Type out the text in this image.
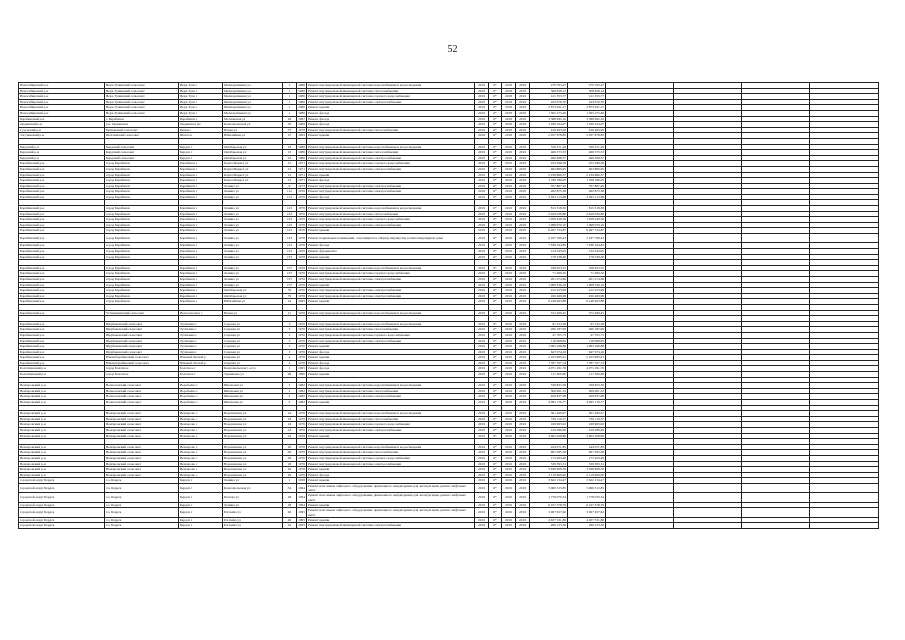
52
Новосибирский р-н	Верх-Тулинский сельсовет	Верх-Тула с	Мелиоративная ул	1	1986	Ремонт внутридомовой инженерной системы водоснабжения и водоотведения	2019	6*	2018	2019	270 763,47	270 763,47				
Новосибирский р-н	Верх-Тулинский сельсовет	Верх-Тула с	Мелиоративная ул	1	1986	Ремонт внутридомовой инженерной системы теплоснабжения	2019	6*	2018	2019	508 658,12	508 658,12				
Новосибирский р-н	Верх-Тулинский сельсовет	Верх-Тула с	Мелиоративная ул	1	1986	Ремонт внутридомовой инженерной системы горячего водоснабжения	2019	6*	2018	2019	121 353,77	121 353,77				
Новосибирский р-н	Верх-Тулинский сельсовет	Верх-Тула с	Мелиоративная ул	1	1986	Ремонт внутридомовой инженерной системы электроснабжения	2019	6*	2018	2019	243 076,76	243 076,76				
Новосибирский р-н	Верх-Тулинский сельсовет	Верх-Тула с	Мелиоративная ул	1	1986	Ремонт крыши	2019	6*	2018	2019	2 873 621,17	2 873 621,17				
Новосибирский р-н	Верх-Тулинский сельсовет	Верх-Тула с	Мелиоративная ул	1	1986	Ремонт фасада	2019	6*	2018	2019	1 595 275,46	1 595 275,46				
Барабинский р-н	г. Барабинск	Барабинск г	Московская ул	26	1987	Ремонт фасада	2019	6*	2018	2019	3 388 992,16	3 388 992,16				
Ордынский р-н	р.п. Ордынское	Ордынское рп	Комсомольская ул	76	1969	Ремонт фасада	2019	6*	2018	2019	1 036 344,07	1 036 344,07				
Сузунский р-н	Битковский сельсовет	Битки с	Новая ул	37	1978	Ремонт внутридомовой инженерной системы теплоснабжения	2019	6*	2018	2019	616 493,00	616 493,00				
Тогучинский р-н	Шахтинский сельсовет	Шахта п	Юбилейная ул	27	1993	Ремонт крыши	2019	6*	2018	2019	2 937 878,85	2 937 878,85				

Бердский р-н	Бердский сельсовет	Бердск г	Октябрьская ул	16	1986	Ремонт внутридомовой инженерной системы водоснабжения и водоотведения	2019	6*	2019	2019	339 371,29	339 371,29				
Бердский р-н	Бердский сельсовет	Бердск г	Октябрьская ул	16	1986	Ремонт внутридомовой инженерной системы теплоснабжения	2019	6*	2019	2019	466 573,53	466 573,53				
Бердский р-н	Бердский сельсовет	Бердск г	Октябрьская ул	16	1986	Ремонт внутридомовой инженерной системы электроснабжения	2019	6*	2019	2019	496 498,57	496 498,57				
Барабинский р-н	город Барабинск	Барабинск г	Карла Маркса ул	12	1971	Ремонт внутридомовой инженерной системы горячего водоснабжения	2019	6*	2019	2019	252 296,58	252 296,58				
Барабинский р-н	город Барабинск	Барабинск г	Карла Маркса ул	12	1971	Ремонт внутридомовой инженерной системы электроснабжения	2019	6*	2019	2019	463 860,95	463 860,95				
Барабинский р-н	город Барабинск	Барабинск г	Карла Маркса ул	12	1971	Ремонт крыши	2019	6*	2019	2019	2 239 866,37	2 239 866,37				
Барабинский р-н	город Барабинск	Барабинск г	Карла Маркса ул	12	1971	Ремонт фасада	2019	6*	2019	2019	1 798 186,05	1 798 186,05				
Барабинский р-н	город Барабинск	Барабинск г	Ленина ул	9	1973	Ремонт внутридомовой инженерной системы электроснабжения	2019	6*	2019	2019	357 867,49	357 867,49				
Барабинский р-н	город Барабинск	Барабинск г	Ленина ул	112	1976	Ремонт внутридомовой инженерной системы электроснабжения	2019	6*	2019	2019	262 875,38	262 875,38				
Барабинский р-н	город Барабинск	Барабинск г	Ленина ул	112	1976	Ремонт фасада	2019	6*	2019	2019	2 923 113,68	2 923 113,68				

Барабинский р-н	город Барабинск	Барабинск г	Ленина ул	123	1976	Ремонт внутридомовой инженерной системы водоснабжения и водоотведения	2019	6*	2019	2019	815 318,30	815 318,30				
Барабинский р-н	город Барабинск	Барабинск г	Ленина ул	123	1976	Ремонт внутридомовой инженерной системы теплоснабжения	2019	6*	2019	2019	2 426 036,80	2 426 036,80				
Барабинский р-н	город Барабинск	Барабинск г	Ленина ул	123	1976	Ремонт внутридомовой инженерной системы горячего водоснабжения	2019	6*	2019	2019	1 058 428,36	1 058 428,36				
Барабинский р-н	город Барабинск	Барабинск г	Ленина ул	123	1976	Ремонт внутридомовой инженерной системы электроснабжения	2019	6*	2019	2019	1 098 979,10	1 098 979,10				
Барабинский р-н	город Барабинск	Барабинск г	Ленина ул	123	1976	Ремонт крыши	2019	6*	2019	2019	6 497 724,87	6 497 724,87				
Барабинский р-н	город Барабинск	Барабинск г	Ленина ул	123	1976	Ремонт подвальных помещений, относящихся к общему имуществу в многоквартирном доме	2019	6*	2019	2019	2 197 769,43	2 197 769,43				
Барабинский р-н	город Барабинск	Барабинск г	Ленина ул	123	1976	Ремонт фасада	2019	6*	2019	2019	7 638 164,85	7 638 164,85				
Барабинский р-н	город Барабинск	Барабинск г	Ленина ул	123	1976	Ремонт фундамента	2019	6*	2019	2019	134 343,95	134 343,95				
Барабинский р-н	город Барабинск	Барабинск г	Ленина ул	133	1978	Ремонт крыши	2019	6*	2019	2019	178 338,36	178 338,36				

Барабинский р-н	город Барабинск	Барабинск г	Ленина ул	137	1976	Ремонт внутридомовой инженерной системы водоснабжения и водоотведения	2019	6*	2019	2019	168 653,25	168 653,25				
Барабинский р-н	город Барабинск	Барабинск г	Ленина ул	137	1976	Ремонт внутридомовой инженерной системы горячего водоснабжения	2019	6*	2019	2019	71 696,50	71 696,50				
Барабинский р-н	город Барабинск	Барабинск г	Ленина ул	137	1976	Ремонт внутридомовой инженерной системы электроснабжения	2019	6*	2019	2019	201 274,69	201 274,69				
Барабинский р-н	город Барабинск	Барабинск г	Ленина ул	137	1976	Ремонт крыши	2019	6*	2019	2019	1 008 326,16	1 008 326,16				
Барабинский р-н	город Барабинск	Барабинск г	Октябрьская ул	79	1976	Ремонт внутридомовой инженерной системы электроснабжения	2019	6*	2019	2019	412 253,99	412 253,99				
Барабинский р-н	город Барабинск	Барабинск г	Октябрьская ул	79	1976	Ремонт внутридомовой инженерной системы электроснабжения	2019	6*	2019	2019	450 469,98	450 469,98				
Барабинский р-н	город Барабинск	Барабинск г	Юбилейная ул	22	1965	Ремонт крыши	2019	6*	2019	2019	6 148 463,88	6 148 463,88				

Барабинский р-н	Устюжанинский сельсовет	Новоспасское с	Новая ул	21	1976	Ремонт внутридомовой инженерной системы водоснабжения и водоотведения	2019	6*	2019	2019	372 499,45	372 499,45				

Барабинский р-н	Щербаковский сельсовет	Тугизанка с	Садовая ул	3	1970	Ремонт внутридомовой инженерной системы водоснабжения и водоотведения	2019	6*	2019	2019	67 232,28	67 232,28				
Барабинский р-н	Щербаковский сельсовет	Тугизанка с	Садовая ул	3	1970	Ремонт внутридомовой инженерной системы теплоснабжения	2019	6*	2019	2019	290 187,99	290 187,99				
Барабинский р-н	Щербаковский сельсовет	Тугизанка с	Садовая ул	3	1970	Ремонт внутридомовой инженерной системы горячего водоснабжения	2019	6*	2019	2019	47 705,73	47 705,73				
Барабинский р-н	Щербаковский сельсовет	Тугизанка с	Садовая ул	3	1970	Ремонт внутридомовой инженерной системы электроснабжения	2019	6*	2019	2019	116 908,65	116 908,65				
Барабинский р-н	Щербаковский сельсовет	Тугизанка с	Садовая ул	3	1970	Ремонт крыши	2019	6*	2019	2019	1 063 166,88	1 063 166,88				
Барабинский р-н	Щербаковский сельсовет	Тугизанка с	Садовая ул	3	1970	Ремонт фасада	2019	6*	2019	2019	647 074,16	647 074,16				
Барабинский р-н	Южнобарабинский сельсовет	Южный Лесной р	Озерная ул	4	1976	Ремонт крыши	2019	6*	2019	2019	2 103 965,91	2 103 965,91				
Барабинский р-н	Южнобарабинский сельсовет	Южный Лесной р	Озерная ул	4	1976	Ремонт фасада	2019	6*	2019	2019	1 787 707,74	1 787 707,74				
Болотнинский р-н	город Болотное	Болотное г	Комсомольская 1-я ул	1	1965	Ремонт фасада	2019	6*	2019	2019	4 071 291,76	4 071 291,76				
Болотнинский р-н	город Болотное	Болотное г	Терешкова ул	96	1990	Ремонт крыши	2019	6*	2019	2019	111 300,00	111 300,00				

Венгеровский р-н	Вознесенский сельсовет	Воробьёво с	Школьная ул	2	1982	Ремонт внутридомовой инженерной системы водоснабжения и водоотведения	2019	6*	2019	2019	339 823,39	339 823,39				
Венгеровский р-н	Вознесенский сельсовет	Воробьёво с	Школьная ул	2	1982	Ремонт внутридомовой инженерной системы теплоснабжения	2019	6*	2019	2019	509 001,12	509 001,12				
Венгеровский р-н	Вознесенский сельсовет	Воробьёво с	Школьная ул	2	1982	Ремонт внутридомовой инженерной системы электроснабжения	2019	6*	2019	2019	429 837,98	429 837,98				
Венгеровский р-н	Вознесенский сельсовет	Воробьёво с	Школьная ул	2	1982	Ремонт крыши	2019	6*	2019	2019	4 095 176,77	4 095 176,77				

Венгеровский р-н	Венгеровский сельсовет	Венгерово с	Ворошилова ул	24	1976	Ремонт внутридомовой инженерной системы водоснабжения и водоотведения	2019	6*	2019	2019	301 460,07	301 460,07				
Венгеровский р-н	Венгеровский сельсовет	Венгерово с	Ворошилова ул	24	1976	Ремонт внутридомовой инженерной системы теплоснабжения	2019	6*	2019	2019	739 119,37	739 119,37				
Венгеровский р-н	Венгеровский сельсовет	Венгерово с	Ворошилова ул	24	1976	Ремонт внутридомовой инженерной системы горячего водоснабжения	2019	6*	2019	2019	169 963,92	169 963,92				
Венгеровский р-н	Венгеровский сельсовет	Венгерово с	Ворошилова ул	24	1976	Ремонт внутридомовой инженерной системы электроснабжения	2019	6*	2019	2019	419 286,06	419 286,06				
Венгеровский р-н	Венгеровский сельсовет	Венгерово с	Ворошилова ул	24	1976	Ремонт крыши	2019	6*	2019	2019	3 602 208,89	3 602 208,89				

Венгеровский р-н	Венгеровский сельсовет	Венгерово с	Ворошилова ул	26	1976	Ремонт внутридомовой инженерной системы водоснабжения и водоотведения	2019	6*	2019	2019	244 071,85	244 071,85				
Венгеровский р-н	Венгеровский сельсовет	Венгерово с	Ворошилова ул	26	1976	Ремонт внутридомовой инженерной системы теплоснабжения	2019	6*	2019	2019	907 295,58	907 295,58				
Венгеровский р-н	Венгеровский сельсовет	Венгерово с	Ворошилова ул	26	1976	Ремонт внутридомовой инженерной системы горячего водоснабжения	2019	6*	2019	2019	173 264,48	173 264,48				
Венгеровский р-н	Венгеровский сельсовет	Венгерово с	Ворошилова ул	26	1976	Ремонт внутридомовой инженерной системы электроснабжения	2019	6*	2019	2019	539 393,31	539 393,31				
Венгеровский р-н	Венгеровский сельсовет	Венгерово с	Ворошилова ул	26	1976	Ремонт крыши	2019	6*	2019	2019	3 638 608,39	3 638 608,39				
Венгеровский р-н	Венгеровский сельсовет	Венгерово с	Ворошилова ул	26	1976	Ремонт фасада	2019	6*	2019	2019	2 119 609,00	2 119 609,00				
городской округ Бердск	г.о. Бердск	Бердск г	Ленина ул	1	1958	Ремонт крыши	2019	6*	2019	2019	3 622 134,47	3 622 134,47				
городской округ Бердск	г.о. Бердск	Бердск г	Комсомольская ул	34	1964	Ремонт или замена лифтового оборудования, признанного непригодным для эксплуатации, ремонт лифтовых шахт	2019	6*	2019	2019	5 960 313,85	5 960 313,85				
городской округ Бердск	г.о. Бердск	Бердск г	Попова ул	28	1994	Ремонт или замена лифтового оборудования, признанного непригодным для эксплуатации, ремонт лифтовых шахт	2019	6*	2019	2019	1 778 070,34	1 778 070,34				
городской округ Бердск	г.о. Бердск	Бердск г	Ленина ул	28	1994	Ремонт крыши	2019	6*	2019	2019	6 227 378,76	6 227 378,76				
городской округ Бердск	г.о. Бердск	Бердск г	Рогачёва ул	40	1995	Ремонт или замена лифтового оборудования, признанного непригодным для эксплуатации, ремонт лифтовых шахт	2019	6*	2019	2019	3 067 657,62	3 067 657,62				
городской округ Бердск	г.о. Бердск	Бердск г	Рогачёва ул	40	1995	Ремонт крыши	2019	6*	2019	2019	4 637 531,86	4 637 531,86				
городской округ Бердск	г.о. Бердск	Бердск г	Рогачёва ул	42	1995	Ремонт внутридомовой инженерной системы электроснабжения	2019	6*	2019	2019	490 123,36	490 123,36				
